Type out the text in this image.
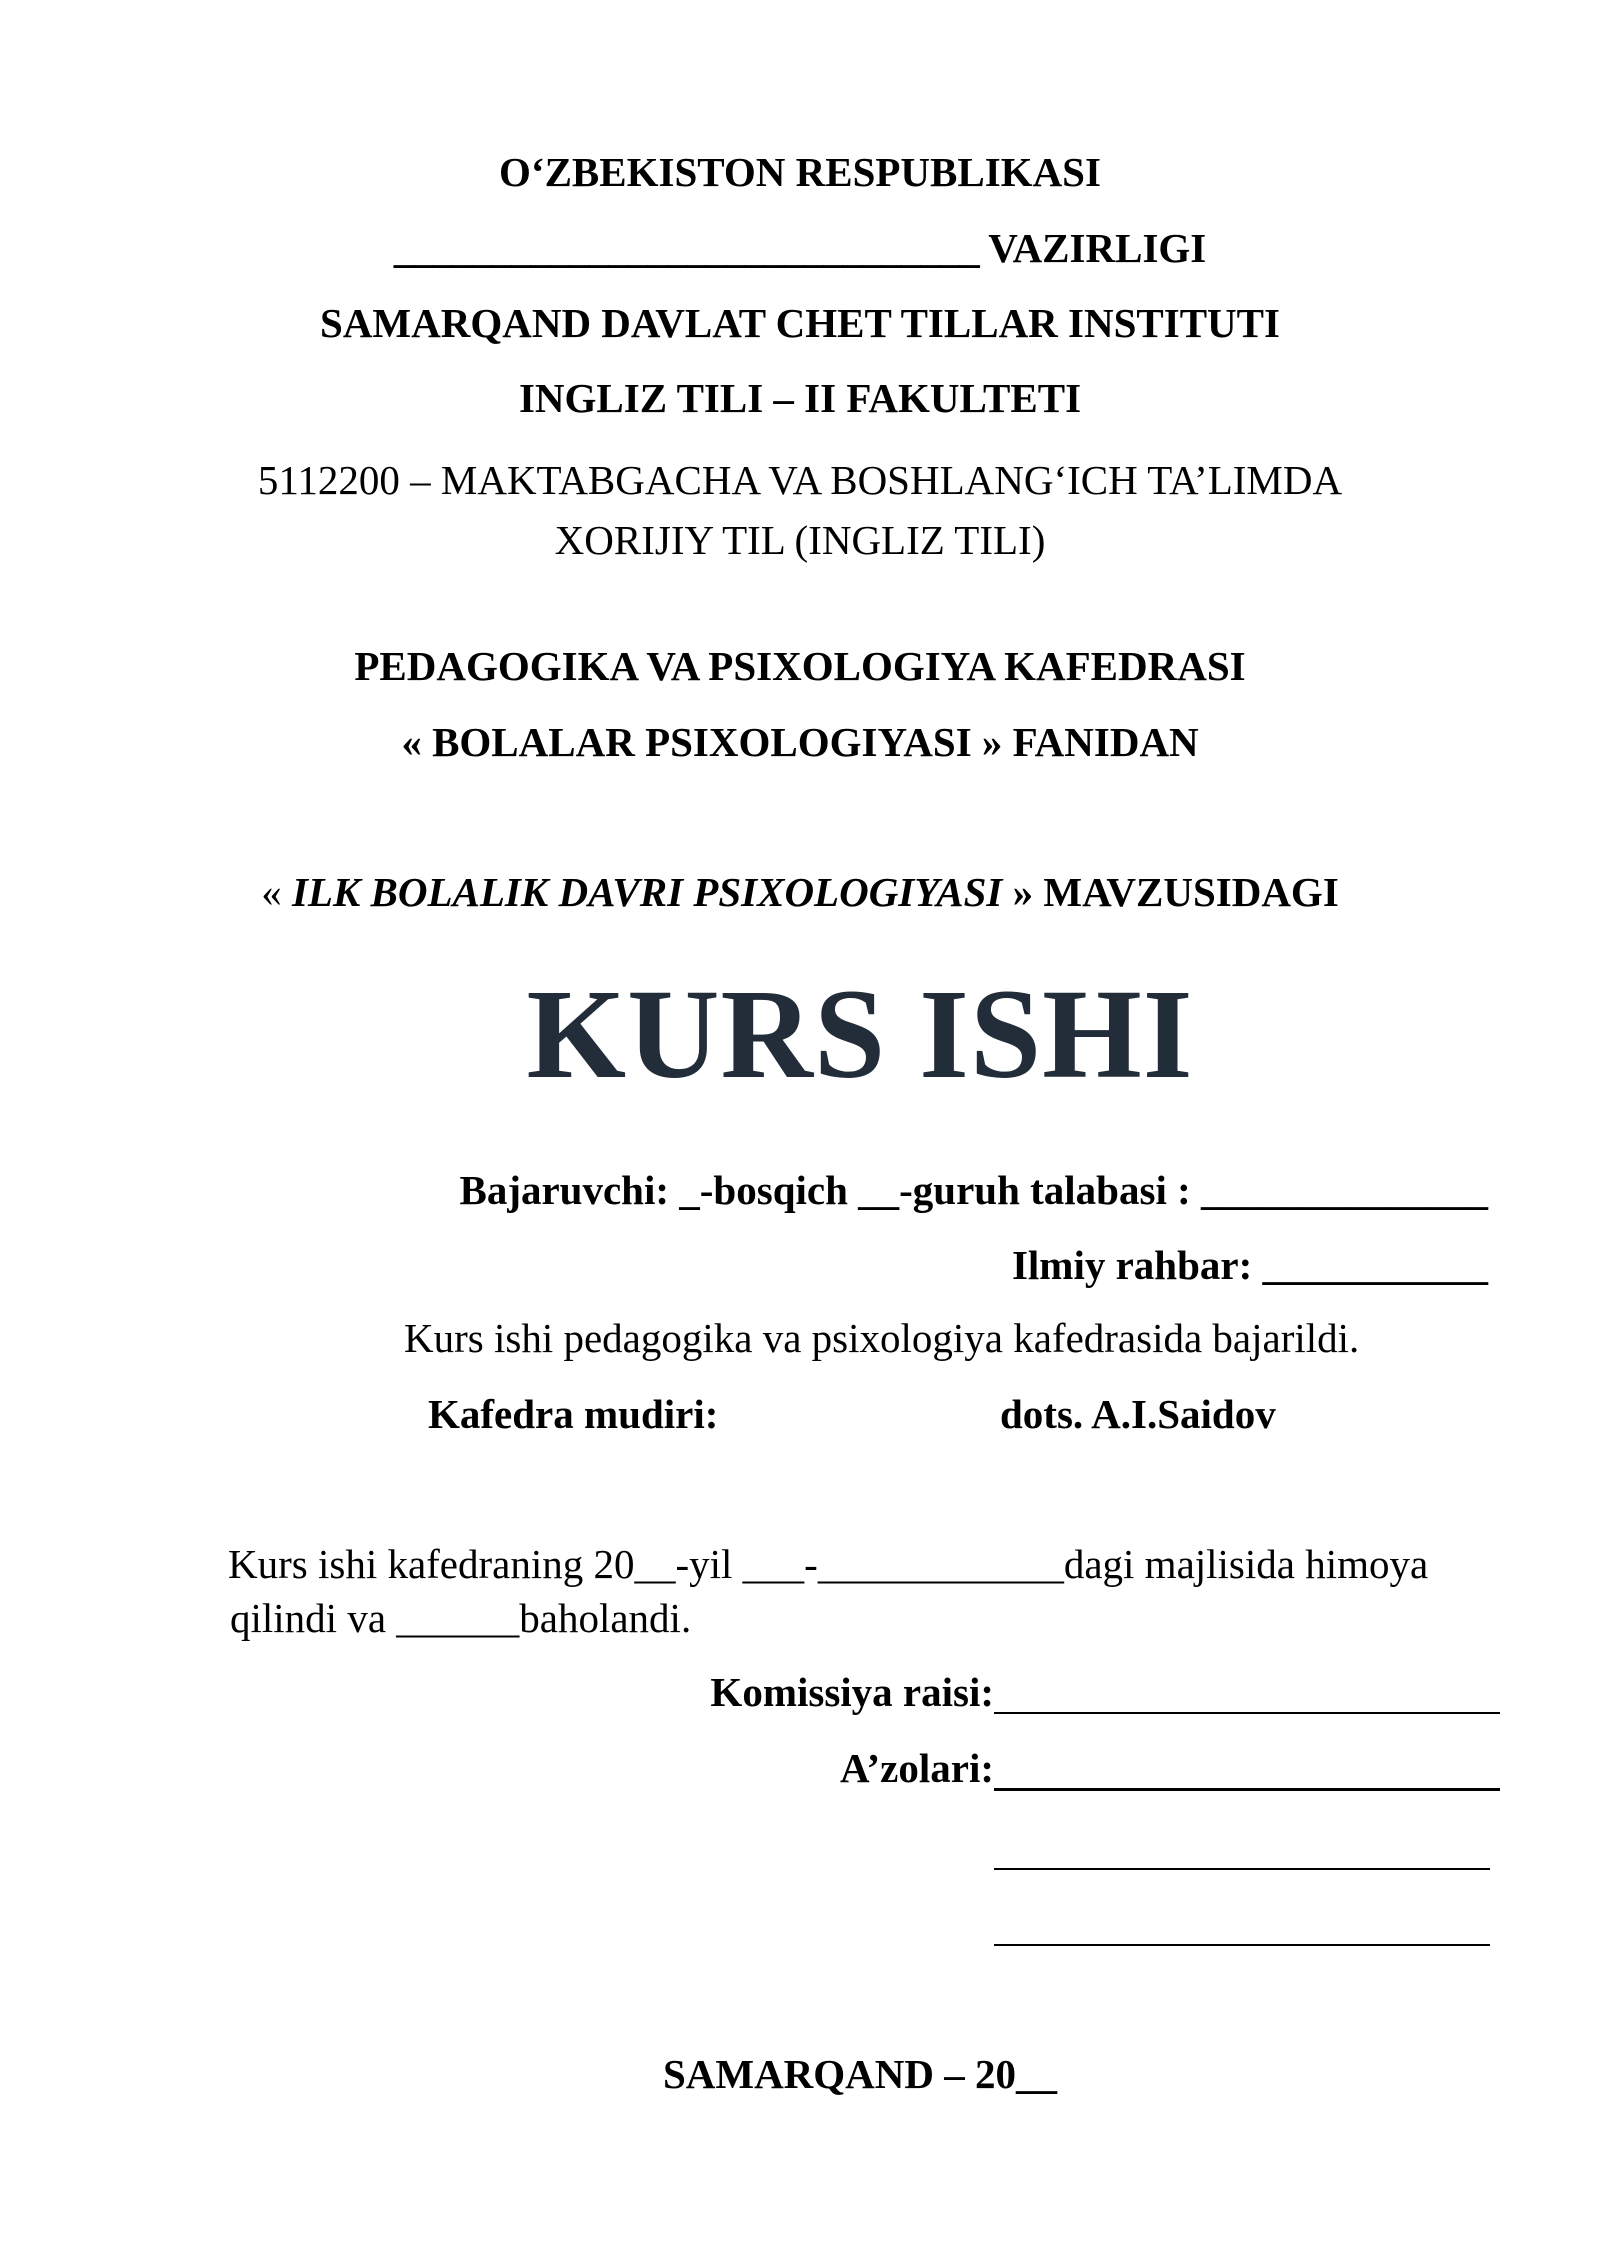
O‘ZBEKISTON RESPUBLIKASI
______________________________ VAZIRLIGI
SAMARQAND DAVLAT CHET TILLAR INSTITUTI
INGLIZ TILI – II FAKULTETI
5112200 – MAKTABGACHA VA BOSHLANG‘ICH TA’LIMDA
XORIJIY TIL (INGLIZ TILI)
PEDAGOGIKA VA PSIXOLOGIYA KAFEDRASI
« BOLALAR PSIXOLOGIYASI » FANIDAN
« ILK BOLALIK DAVRI PSIXOLOGIYASI » MAVZUSIDAGI
KURS ISHI
Bajaruvchi: _-bosqich __-guruh talabasi : ______________
Ilmiy rahbar: ___________
Kurs ishi pedagogika va psixologiya kafedrasida bajarildi.
Kafedra mudiri:	dots. A.I.Saidov
Kurs ishi kafedraning 20__-yil ___-____________dagi majlisida himoya
qilindi va ______baholandi.
Komissiya raisi:
A’zolari:
SAMARQAND – 20__
